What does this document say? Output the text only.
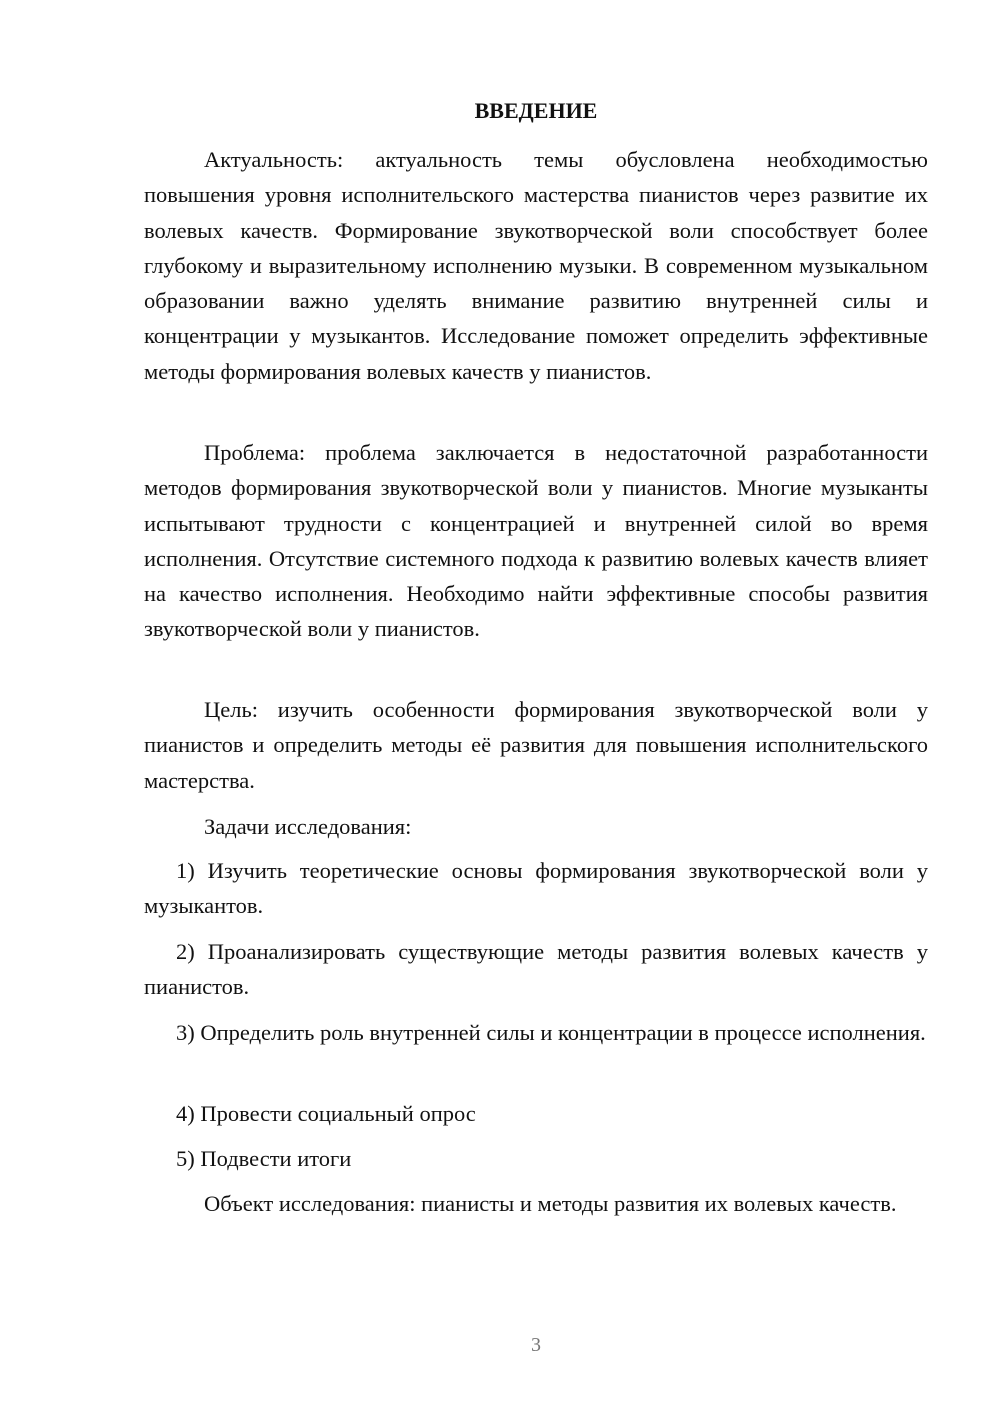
ВВЕДЕНИЕ

Актуальность: актуальность темы обусловлена необходимостью повышения уровня исполнительского мастерства пианистов через развитие их волевых качеств. Формирование звукотворческой воли способствует более глубокому и выразительному исполнению музыки. В современном музыкальном образовании важно уделять внимание развитию внутренней силы и концентрации у музыкантов. Исследование поможет определить эффективные методы формирования волевых качеств у пианистов.

Проблема: проблема заключается в недостаточной разработанности методов формирования звукотворческой воли у пианистов. Многие музыканты испытывают трудности с концентрацией и внутренней силой во время исполнения. Отсутствие системного подхода к развитию волевых качеств влияет на качество исполнения. Необходимо найти эффективные способы развития звукотворческой воли у пианистов.

Цель: изучить особенности формирования звукотворческой воли у пианистов и определить методы её развития для повышения исполнительского мастерства.

Задачи исследования:

1) Изучить теоретические основы формирования звукотворческой воли у музыкантов.

2) Проанализировать существующие методы развития волевых качеств у пианистов.

3) Определить роль внутренней силы и концентрации в процессе исполнения.

4) Провести социальный опрос

5) Подвести итоги

Объект исследования: пианисты и методы развития их волевых качеств.

3
